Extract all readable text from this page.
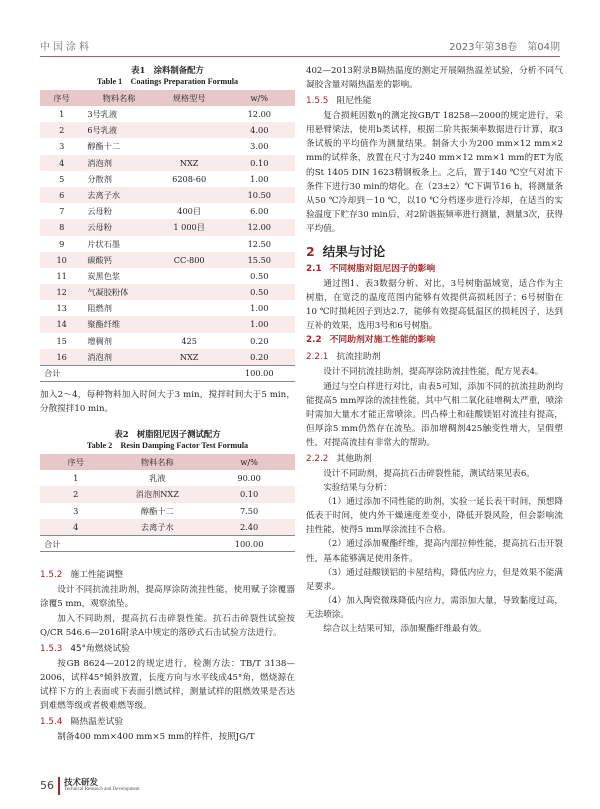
中国涂料	2023年第38卷　第04期
表1　涂料制备配方
Table 1　Coatings Preparation Formula
序号	物料名称	规格型号	w/%
1	3号乳液		12.00
2	6号乳液		4.00
3	醇酯十二		3.00
4	消泡剂	NXZ	0.10
5	分散剂	6208-60	1.00
6	去离子水		10.50
7	云母粉	400目	6.00
8	云母粉	1 000目	12.00
9	片状石墨		12.50
10	碳酸钙	CC-800	15.50
11	炭黑色浆		0.50
12	气凝胶粉体		0.50
13	阻燃剂		1.00
14	聚酯纤维		1.00
15	增稠剂	425	0.20
16	消泡剂	NXZ	0.20
合计			100.00

加入2～4，每种物料加入时间大于3 min，搅拌时间大于5 min，分散搅拌10 min。

表2　树脂阻尼因子测试配方
Table 2　Resin Damping Factor Test Formula
序号	物料名称	w/%
1	乳液	90.00
2	消泡剂NXZ	0.10
3	醇酯十二	7.50
4	去离子水	2.40
合计		100.00
1.5.2 施工性能调整

设计不同抗流挂助剂，提高厚涂防流挂性能，使用赋子涂覆器涂覆5 mm，观察流坠。

加入不同助剂，提高抗石击碎裂性能。抗石击碎裂性试验按Q/CR 546.6—2016附录A中规定的落砂式石击试验方法进行。

1.5.3 45°角燃烧试验

按GB 8624—2012的规定进行，检测方法：TB/T 3138—2006，试样45°倾斜放置，长度方向与水平线成45°角，燃烧源在试样下方的上表面或下表面引燃试样，测量试样的阻燃效果是否达到难燃等级或者极难燃等级。

1.5.4 隔热温差试验

制备400 mm×400 mm×5 mm的样件，按照JG/T

402—2013附录B隔热温度的测定开展隔热温差试验，分析不同气凝胶含量对隔热温差的影响。

1.5.5 阻尼性能

复合损耗因数η的测定按GB/T 18258—2000的规定进行，采用悬臂梁法，使用b类试样，根据二阶共振频率数据进行计算，取3条试板的平均值作为测量结果。制备大小为200 mm×12 mm×2 mm的试样条，放置在尺寸为240 mm×12 mm×1 mm的ET为底的St 1405 DIN 1623精钢板条上。之后，置于140 ℃空气对流下条件下进行30 min的熔化。在（23±2）℃下调节16 h，将测量条从50 ℃冷却到－10 ℃，以10 ℃分档逐步进行冷却，在适当的实验温度下贮存30 min后，对2阶谐振频率进行测量，测量3次，获得平均值。

2 结果与讨论
2.1 不同树脂对阻尼因子的影响

通过图1、表3数据分析、对比，3号树脂温域宽，适合作为主树脂，在宽泛的温度范围内能够有效提供高损耗因子；6号树脂在10 ℃时损耗因子到达2.7，能够有效提高低温区的损耗因子，达到互补的效果，选用3号和6号树脂。

2.2 不同助剂对施工性能的影响
2.2.1 抗流挂助剂

设计不同抗流挂助剂，提高厚涂防流挂性能，配方见表4。

通过与空白样进行对比，由表5可知，添加不同的抗流挂助剂均能提高5 mm厚涂的流挂性能，其中气相二氧化硅增稠太严重，喷涂时需加大量水才能正常喷涂。凹凸棒土和硅酸镁铝对流挂有提高，但厚涂5 mm仍然存在流坠。添加增稠剂425触变性增大，呈假塑性，对提高流挂有非常大的帮助。

2.2.2 其他助剂

设计不同助剂，提高抗石击碎裂性能，测试结果见表6。

实验结果与分析：

（1）通过添加不同性能的助剂，实验一延长表干时间，预想降低表干时间，使内外干燥速度差变小，降低开裂风险，但会影响流挂性能，使得5 mm厚涂流挂不合格。

（2）通过添加聚酯纤维，提高内部拉伸性能，提高抗石击开裂性，基本能够满足使用条件。

（3）通过硅酸镁铝的卡屋结构，降低内应力，但是效果不能满足要求。

（4）加入陶瓷微珠降低内应力，需添加大量，导致黏度过高，无法喷涂。

综合以上结果可知，添加聚酯纤维最有效。

56 技术研发
Technical Research and Development
